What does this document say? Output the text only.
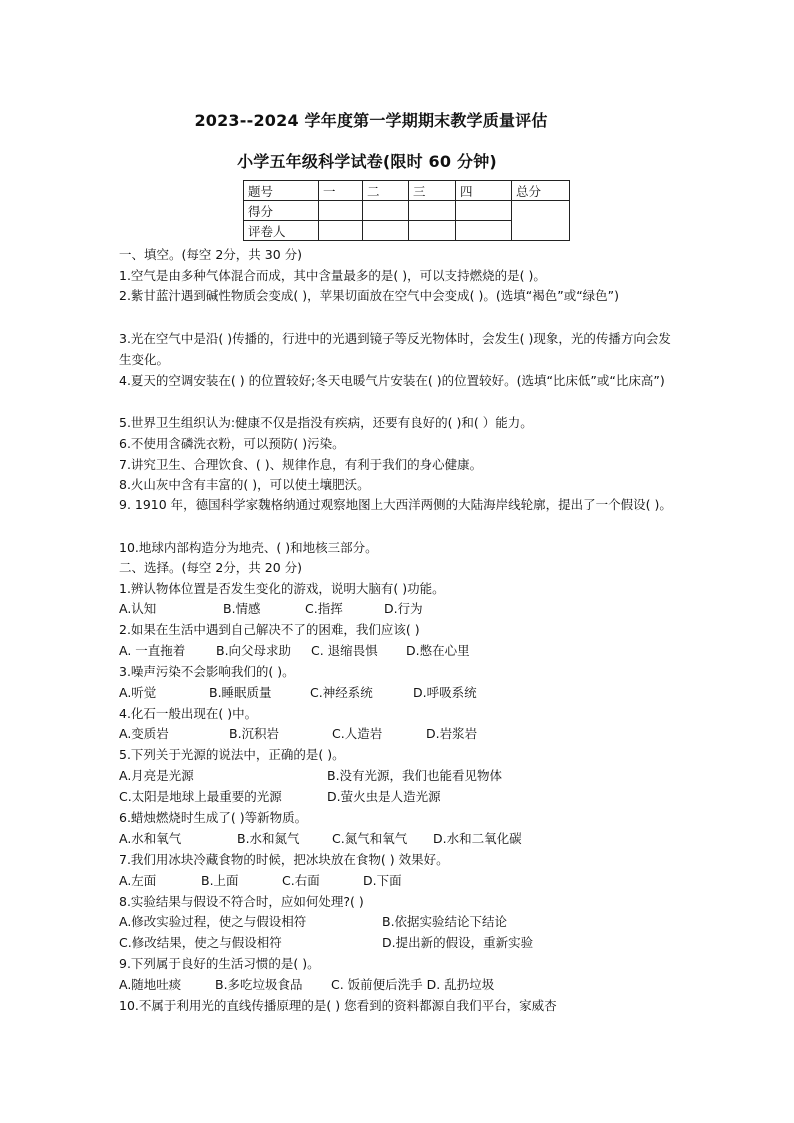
2023--2024 学年度第一学期期末教学质量评估
小学五年级科学试卷(限时 60 分钟)
题号	一	二	三	四	总分
得分					
评卷人					
一、填空。(每空 2分，共 30 分)
1.空气是由多种气体混合而成，其中含量最多的是( )，可以支持燃烧的是( )。
2.紫甘蓝汁遇到碱性物质会变成( )，苹果切面放在空气中会变成( )。(选填“褐色”或“绿色”)
3.光在空气中是沿( )传播的，行进中的光遇到镜子等反光物体时，会发生( )现象，光的传播方向会发生变化。
4.夏天的空调安装在( ) 的位置较好;冬天电暖气片安装在( )的位置较好。(选填“比床低”或“比床高”)
5.世界卫生组织认为:健康不仅是指没有疾病，还要有良好的( )和( ）能力。
6.不使用含磷洗衣粉，可以预防( )污染。
7.讲究卫生、合理饮食、( )、规律作息，有利于我们的身心健康。
8.火山灰中含有丰富的( )，可以使土壤肥沃。
9. 1910 年，德国科学家魏格纳通过观察地图上大西洋两侧的大陆海岸线轮廓，提出了一个假设( )。
10.地球内部构造分为地壳、( )和地核三部分。
二、选择。(每空 2分，共 20 分)
1.辨认物体位置是否发生变化的游戏，说明大脑有( )功能。
A.认知	B.情感	C.指挥	D.行为
2.如果在生活中遇到自己解决不了的困难，我们应该( )
A. 一直拖着 B.向父母求助 C. 退缩畏惧 D.憋在心里
3.噪声污染不会影响我们的( )。
A.听觉	B.睡眠质量	C.神经系统	D.呼吸系统
4.化石一般出现在( )中。
A.变质岩	B.沉积岩	C.人造岩	D.岩浆岩
5.下列关于光源的说法中，正确的是( )。
A.月亮是光源	B.没有光源，我们也能看见物体
C.太阳是地球上最重要的光源	D.萤火虫是人造光源
6.蜡烛燃烧时生成了( )等新物质。
A.水和氧气	B.水和氮气	C.氮气和氧气 D.水和二氧化碳
7.我们用冰块冷藏食物的时候，把冰块放在食物( ) 效果好。
A.左面	B.上面	C.右面	D.下面
8.实验结果与假设不符合时，应如何处理?( )
A.修改实验过程，使之与假设相符	B.依据实验结论下结论
C.修改结果，使之与假设相符	D.提出新的假设，重新实验
9.下列属于良好的生活习惯的是( )。
A.随地吐痰	B.多吃垃圾食品 C. 饭前便后洗手 D. 乱扔垃圾
10.不属于利用光的直线传播原理的是( ) 您看到的资料都源自我们平台，家威杏
